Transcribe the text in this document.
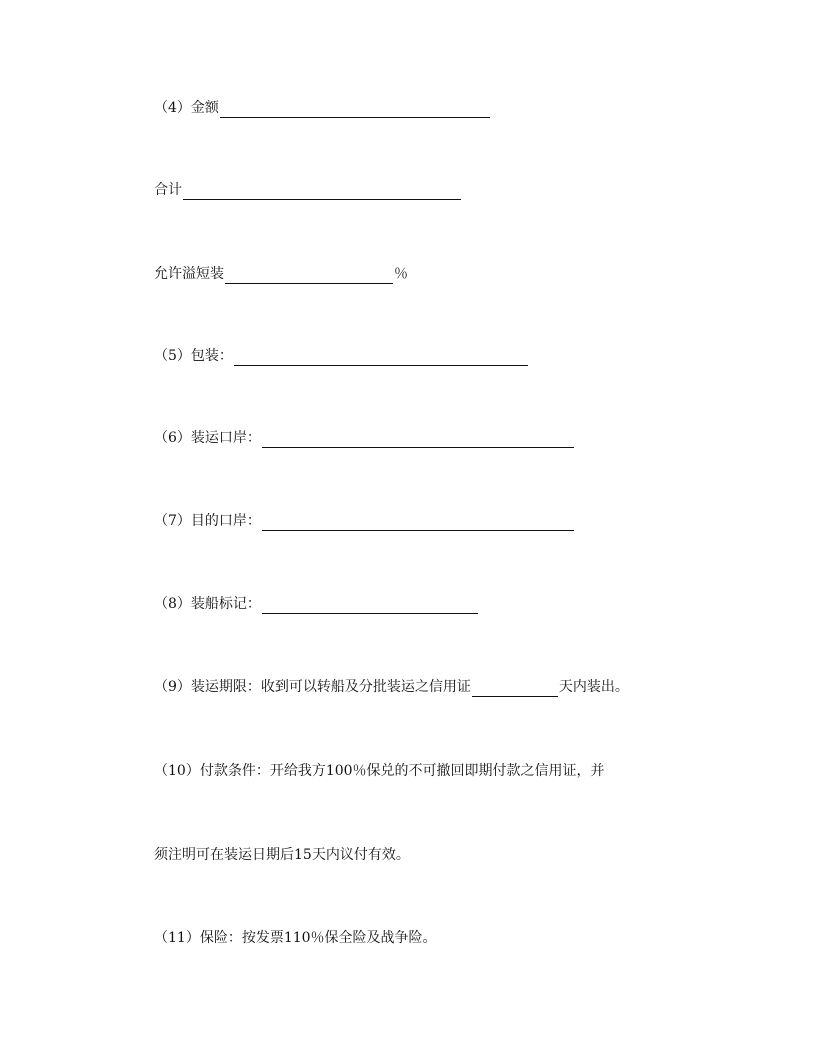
（4）金额
合计
允许溢短装	％
（5）包装：
（6）装运口岸：
（7）目的口岸：
（8）装船标记：
（9）装运期限：收到可以转船及分批装运之信用证	天内装出。
（10）付款条件：开给我方100％保兑的不可撤回即期付款之信用证，并
须注明可在装运日期后15天内议付有效。
（11）保险：按发票110％保全险及战争险。
